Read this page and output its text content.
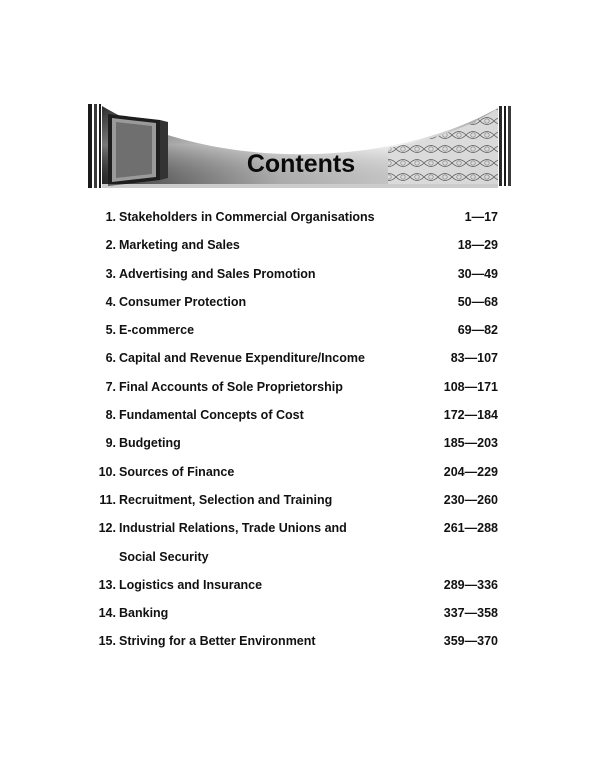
Contents
1. Stakeholders in Commercial Organisations	1—17
2. Marketing and Sales	18—29
3. Advertising and Sales Promotion	30—49
4. Consumer Protection	50—68
5. E-commerce	69—82
6. Capital and Revenue Expenditure/Income	83—107
7. Final Accounts of Sole Proprietorship	108—171
8. Fundamental Concepts of Cost	172—184
9. Budgeting	185—203
10. Sources of Finance	204—229
11. Recruitment, Selection and Training	230—260
12. Industrial Relations, Trade Unions and	261—288
Social Security
13. Logistics and Insurance	289—336
14. Banking	337—358
15. Striving for a Better Environment	359—370
